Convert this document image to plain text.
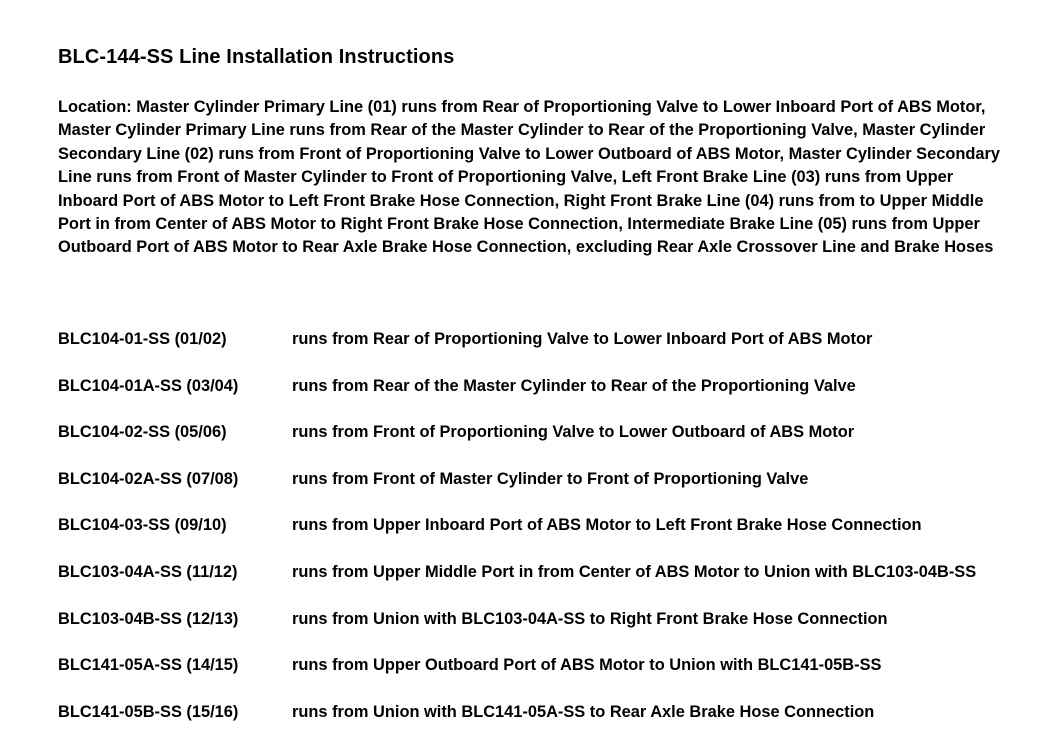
BLC-144-SS Line Installation Instructions
Location: Master Cylinder Primary Line (01) runs from Rear of Proportioning Valve to Lower Inboard Port of ABS Motor, Master Cylinder Primary Line runs from Rear of the Master Cylinder to Rear of the Proportioning Valve, Master Cylinder Secondary Line (02) runs from Front of Proportioning Valve to Lower Outboard of ABS Motor, Master Cylinder Secondary Line runs from Front of Master Cylinder to Front of Proportioning Valve, Left Front Brake Line (03) runs from Upper Inboard Port of ABS Motor to Left Front Brake Hose Connection, Right Front Brake Line (04) runs from to Upper Middle Port in from Center of ABS Motor to Right Front Brake Hose Connection, Intermediate Brake Line (05) runs from Upper Outboard Port of ABS Motor to Rear Axle Brake Hose Connection, excluding Rear Axle Crossover Line and Brake Hoses
BLC104-01-SS (01/02)	runs from Rear of Proportioning Valve to Lower Inboard Port of ABS Motor
BLC104-01A-SS (03/04)	runs from Rear of the Master Cylinder to Rear of the Proportioning Valve
BLC104-02-SS (05/06)	runs from Front of Proportioning Valve to Lower Outboard of ABS Motor
BLC104-02A-SS (07/08)	runs from Front of Master Cylinder to Front of Proportioning Valve
BLC104-03-SS (09/10)	runs from Upper Inboard Port of ABS Motor to Left Front Brake Hose Connection
BLC103-04A-SS (11/12)	runs from Upper Middle Port in from Center of ABS Motor to Union with BLC103-04B-SS
BLC103-04B-SS (12/13)	runs from Union with BLC103-04A-SS to Right Front Brake Hose Connection
BLC141-05A-SS (14/15)	runs from Upper Outboard Port of ABS Motor to Union with BLC141-05B-SS
BLC141-05B-SS (15/16)	runs from Union with BLC141-05A-SS to Rear Axle Brake Hose Connection
